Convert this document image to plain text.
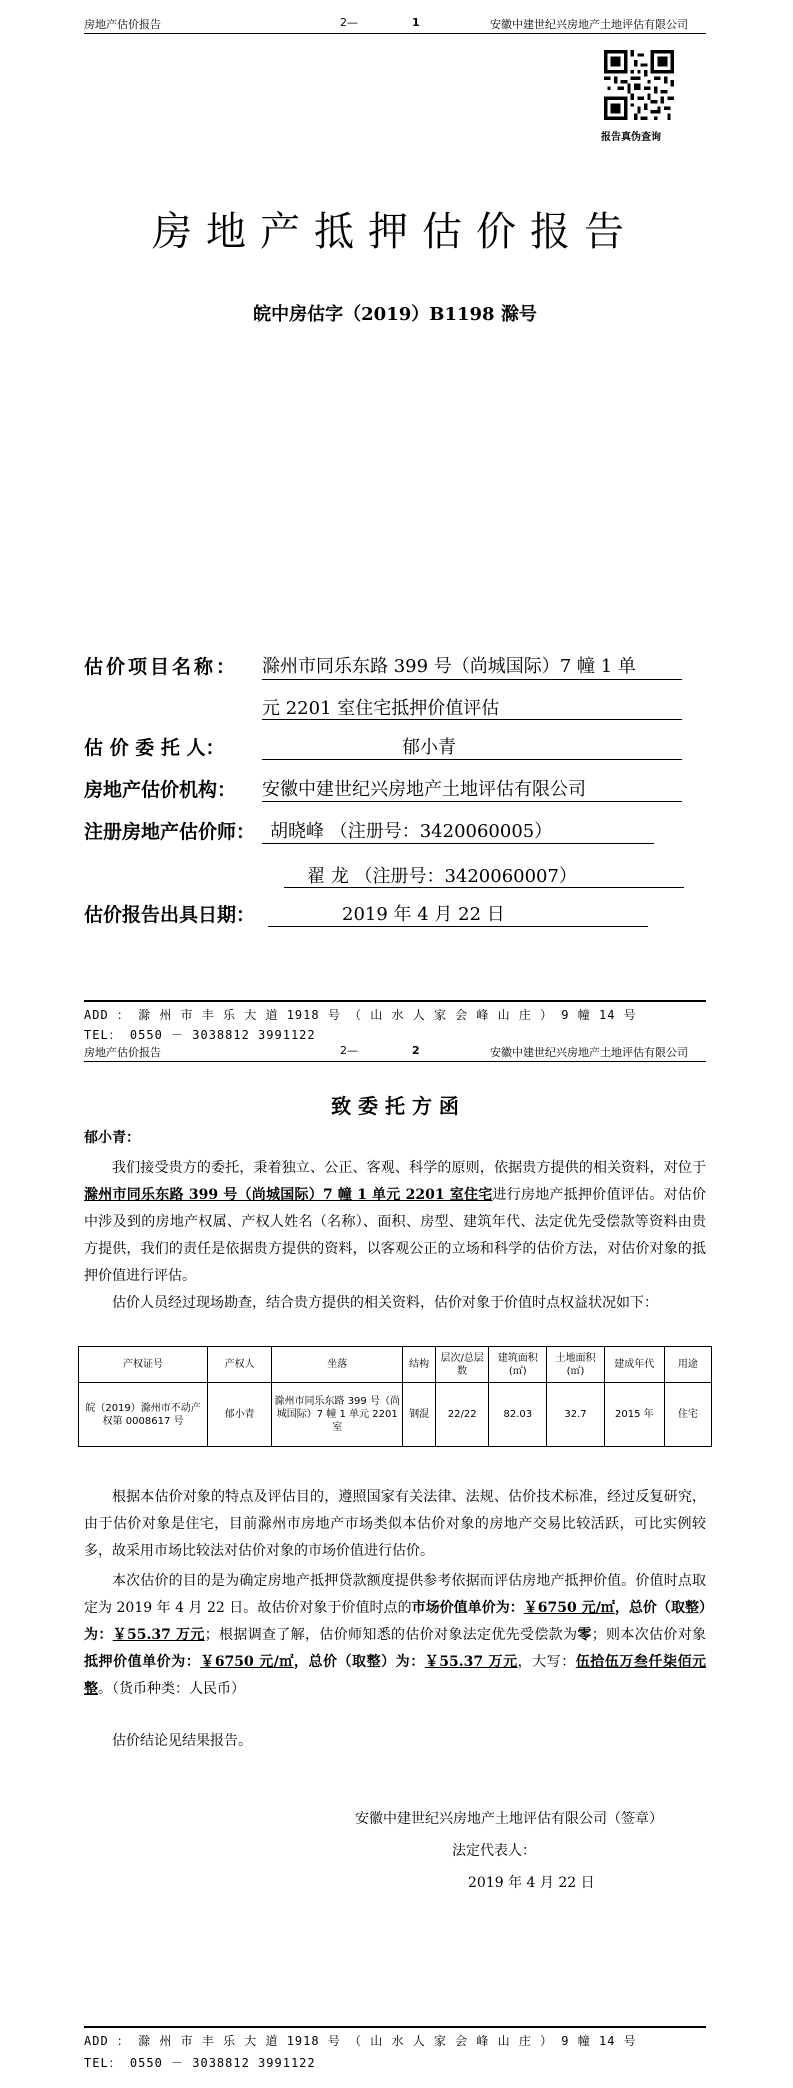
房地产估价报告	2—	1	安徽中建世纪兴房地产土地评估有限公司
报告真伪查询
房地产抵押估价报告
皖中房估字（2019）B1198 滁号
估价项目名称： 滁州市同乐东路 399 号（尚城国际）7 幢 1 单
元 2201 室住宅抵押价值评估
估 价 委 托 人：	郁小青
房地产估价机构： 安徽中建世纪兴房地产土地评估有限公司
注册房地产估价师： 胡晓峰 （注册号：3420060005）
翟 龙 （注册号：3420060007）
估价报告出具日期：	2019 年 4 月 22 日
ADD ： 滁 州 市 丰 乐 大 道 1918 号 （ 山 水 人 家 会 峰 山 庄 ） 9 幢 14 号
TEL： 0550 － 3038812 3991122
房地产估价报告	2—	2	安徽中建世纪兴房地产土地评估有限公司
致 委 托 方 函
郁小青：
我们接受贵方的委托，秉着独立、公正、客观、科学的原则，依据贵方提供的相关资料，对位于滁州市同乐东路 399 号（尚城国际）7 幢 1 单元 2201 室住宅进行房地产抵押价值评估。对估价中涉及到的房地产权属、产权人姓名（名称）、面积、房型、建筑年代、法定优先受偿款等资料由贵方提供，我们的责任是依据贵方提供的资料，以客观公正的立场和科学的估价方法，对估价对象的抵押价值进行评估。
估价人员经过现场勘查，结合贵方提供的相关资料，估价对象于价值时点权益状况如下：
产权证号	产权人	坐落	结构	层次/总层数	建筑面积(㎡)	土地面积(㎡)	建成年代	用途
皖（2019）滁州市不动产权第 0008617 号	郁小青	滁州市同乐东路 399 号（尚城国际）7 幢 1 单元 2201 室	钢混	22/22	82.03	32.7	2015 年	住宅
根据本估价对象的特点及评估目的，遵照国家有关法律、法规、估价技术标准，经过反复研究，由于估价对象是住宅，目前滁州市房地产市场类似本估价对象的房地产交易比较活跃，可比实例较多，故采用市场比较法对估价对象的市场价值进行估价。
本次估价的目的是为确定房地产抵押贷款额度提供参考依据而评估房地产抵押价值。价值时点取定为 2019 年 4 月 22 日。故估价对象于价值时点的市场价值单价为：￥6750 元/㎡，总价（取整）为：￥55.37 万元；根据调查了解，估价师知悉的估价对象法定优先受偿款为零；则本次估价对象抵押价值单价为：￥6750 元/㎡，总价（取整）为：￥55.37 万元，大写：伍拾伍万叁仟柒佰元整。（货币种类：人民币）
估价结论见结果报告。
安徽中建世纪兴房地产土地评估有限公司（签章）
法定代表人：
2019 年 4 月 22 日
ADD ： 滁 州 市 丰 乐 大 道 1918 号 （ 山 水 人 家 会 峰 山 庄 ） 9 幢 14 号
TEL： 0550 － 3038812 3991122
